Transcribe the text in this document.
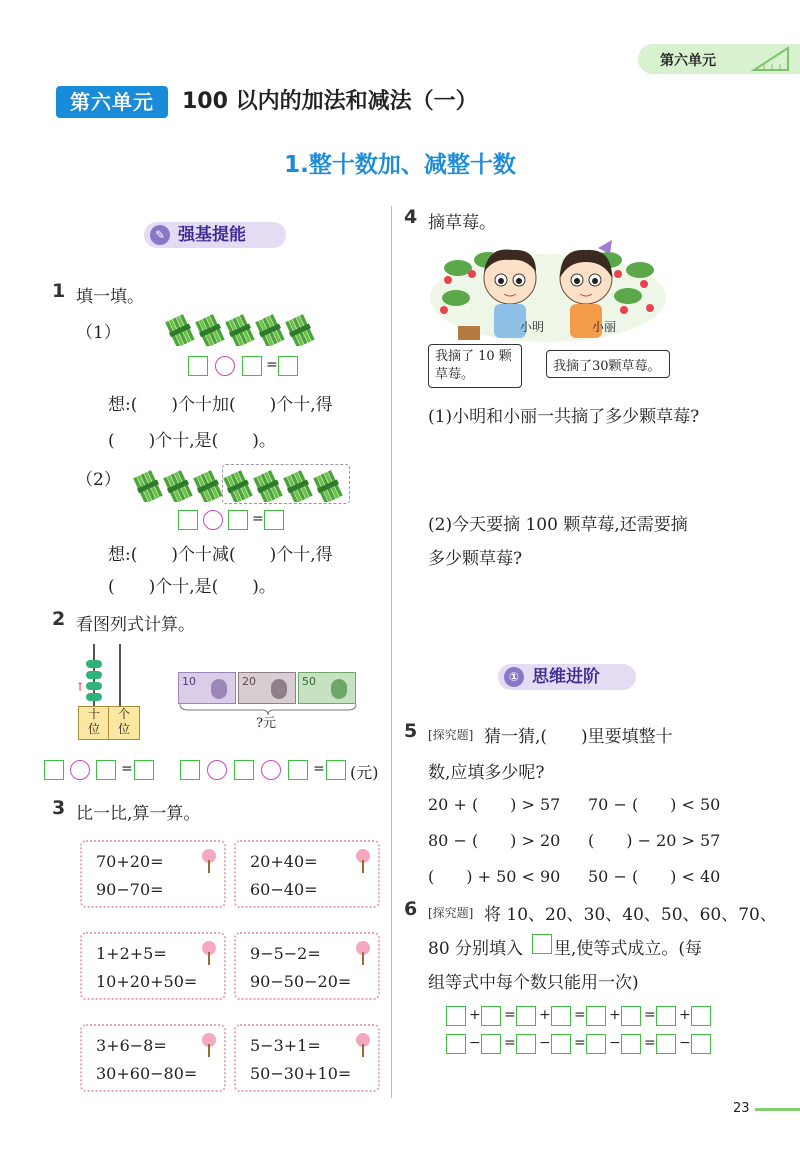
第六单元
第六单元	100 以内的加法和减法（一）
1.整十数加、减整十数
✎ 强基提能
1 填一填。
（1）
=
想:(　　)个十加(　　)个十,得
(　　)个十,是(　　)。
（2）
=
想:(　　)个十减(　　)个十,得
(　　)个十,是(　　)。
2 看图列式计算。
↑
十
位
个
位
10	20	50
?元
=	= (元)
3 比一比,算一算。
70+20=
90−70=
20+40=
60−40=
1+2+5=
10+20+50=
9−5−2=
90−50−20=
3+6−8=
30+60−80=
5−3+1=
50−30+10=
4 摘草莓。
小明	小丽
我摘了 10 颗草莓。
我摘了30颗草莓。
(1)小明和小丽一共摘了多少颗草莓?
(2)今天要摘 100 颗草莓,还需要摘
多少颗草莓?
① 思维进阶
5 [探究题] 猜一猜,(　　)里要填整十
数,应填多少呢?
20 + (　　) > 57 70 − (　　) < 50
80 − (　　) > 20 (　　) − 20 > 57
(　　) + 50 < 90 50 − (　　) < 40
6 [探究题] 将 10、20、30、40、50、60、70、
80 分别填入 里,使等式成立。(每
组等式中每个数只能用一次)
+ = + = + = +
− = − = − = −
23
